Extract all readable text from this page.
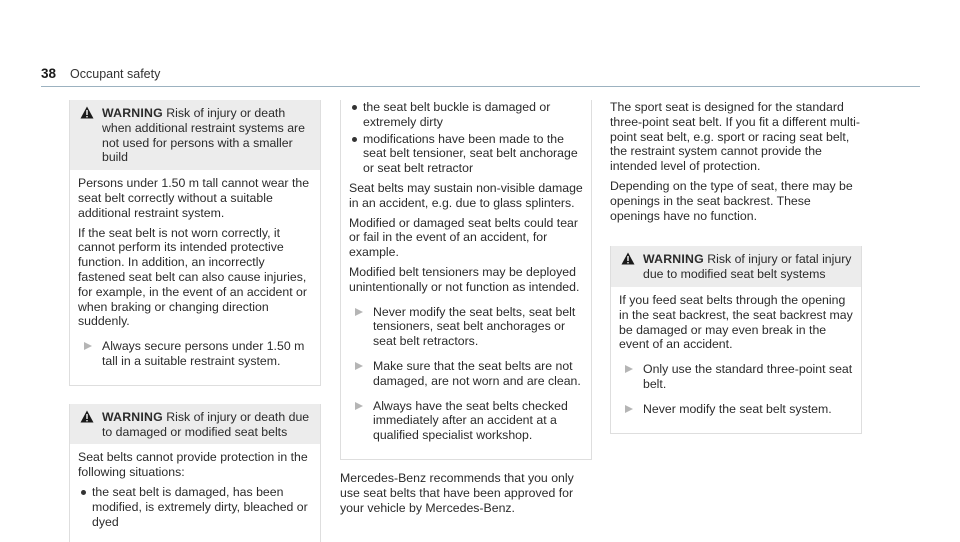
38 Occupant safety
WARNING Risk of injury or death when additional restraint systems are not used for persons with a smaller build

Persons under 1.50 m tall cannot wear the seat belt correctly without a suitable additional restraint system.

If the seat belt is not worn correctly, it cannot perform its intended protective function. In addition, an incorrectly fastened seat belt can also cause injuries, for example, in the event of an accident or when braking or changing direction suddenly.

Always secure persons under 1.50 m tall in a suitable restraint system.
WARNING Risk of injury or death due to damaged or modified seat belts

Seat belts cannot provide protection in the following situations:

the seat belt is damaged, has been modified, is extremely dirty, bleached or dyed
the seat belt buckle is damaged or extremely dirty
modifications have been made to the seat belt tensioner, seat belt anchorage or seat belt retractor

Seat belts may sustain non-visible damage in an accident, e.g. due to glass splinters.

Modified or damaged seat belts could tear or fail in the event of an accident, for example.

Modified belt tensioners may be deployed unintentionally or not function as intended.

Never modify the seat belts, seat belt tensioners, seat belt anchorages or seat belt retractors.
Make sure that the seat belts are not damaged, are not worn and are clean.
Always have the seat belts checked immediately after an accident at a qualified specialist workshop.

Mercedes-Benz recommends that you only use seat belts that have been approved for your vehicle by Mercedes-Benz.

The sport seat is designed for the standard three-point seat belt. If you fit a different multi-point seat belt, e.g. sport or racing seat belt, the restraint system cannot provide the intended level of protection.

Depending on the type of seat, there may be openings in the seat backrest. These openings have no function.

WARNING Risk of injury or fatal injury due to modified seat belt systems

If you feed seat belts through the opening in the seat backrest, the seat backrest may be damaged or may even break in the event of an accident.

Only use the standard three-point seat belt.
Never modify the seat belt system.
